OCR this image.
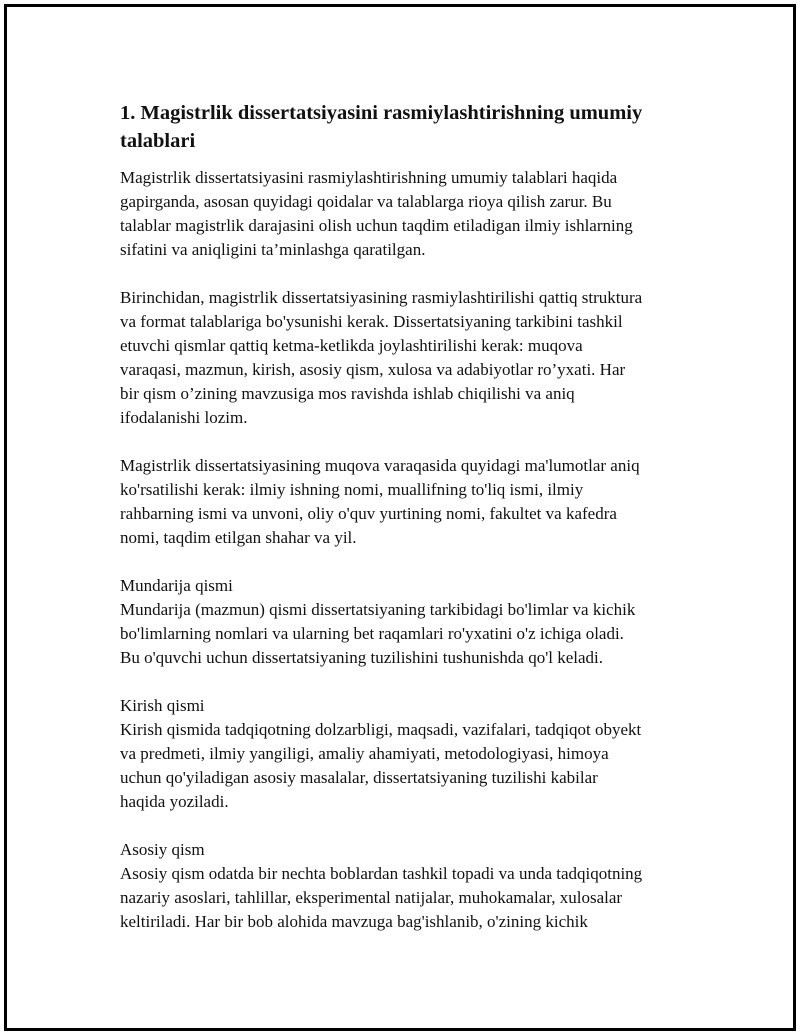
1. Magistrlik dissertatsiyasini rasmiylashtirishning umumiy
talablari

Magistrlik dissertatsiyasini rasmiylashtirishning umumiy talablari haqida
gapirganda, asosan quyidagi qoidalar va talablarga rioya qilish zarur. Bu
talablar magistrlik darajasini olish uchun taqdim etiladigan ilmiy ishlarning
sifatini va aniqligini ta’minlashga qaratilgan.

Birinchidan, magistrlik dissertatsiyasining rasmiylashtirilishi qattiq struktura
va format talablariga bo'ysunishi kerak. Dissertatsiyaning tarkibini tashkil
etuvchi qismlar qattiq ketma-ketlikda joylashtirilishi kerak: muqova
varaqasi, mazmun, kirish, asosiy qism, xulosa va adabiyotlar ro’yxati. Har
bir qism o’zining mavzusiga mos ravishda ishlab chiqilishi va aniq
ifodalanishi lozim.

Magistrlik dissertatsiyasining muqova varaqasida quyidagi ma'lumotlar aniq
ko'rsatilishi kerak: ilmiy ishning nomi, muallifning to'liq ismi, ilmiy
rahbarning ismi va unvoni, oliy o'quv yurtining nomi, fakultet va kafedra
nomi, taqdim etilgan shahar va yil.

Mundarija qismi
Mundarija (mazmun) qismi dissertatsiyaning tarkibidagi bo'limlar va kichik
bo'limlarning nomlari va ularning bet raqamlari ro'yxatini o'z ichiga oladi.
Bu o'quvchi uchun dissertatsiyaning tuzilishini tushunishda qo'l keladi.

Kirish qismi
Kirish qismida tadqiqotning dolzarbligi, maqsadi, vazifalari, tadqiqot obyekt
va predmeti, ilmiy yangiligi, amaliy ahamiyati, metodologiyasi, himoya
uchun qo'yiladigan asosiy masalalar, dissertatsiyaning tuzilishi kabilar
haqida yoziladi.

Asosiy qism
Asosiy qism odatda bir nechta boblardan tashkil topadi va unda tadqiqotning
nazariy asoslari, tahlillar, eksperimental natijalar, muhokamalar, xulosalar
keltiriladi. Har bir bob alohida mavzuga bag'ishlanib, o'zining kichik
